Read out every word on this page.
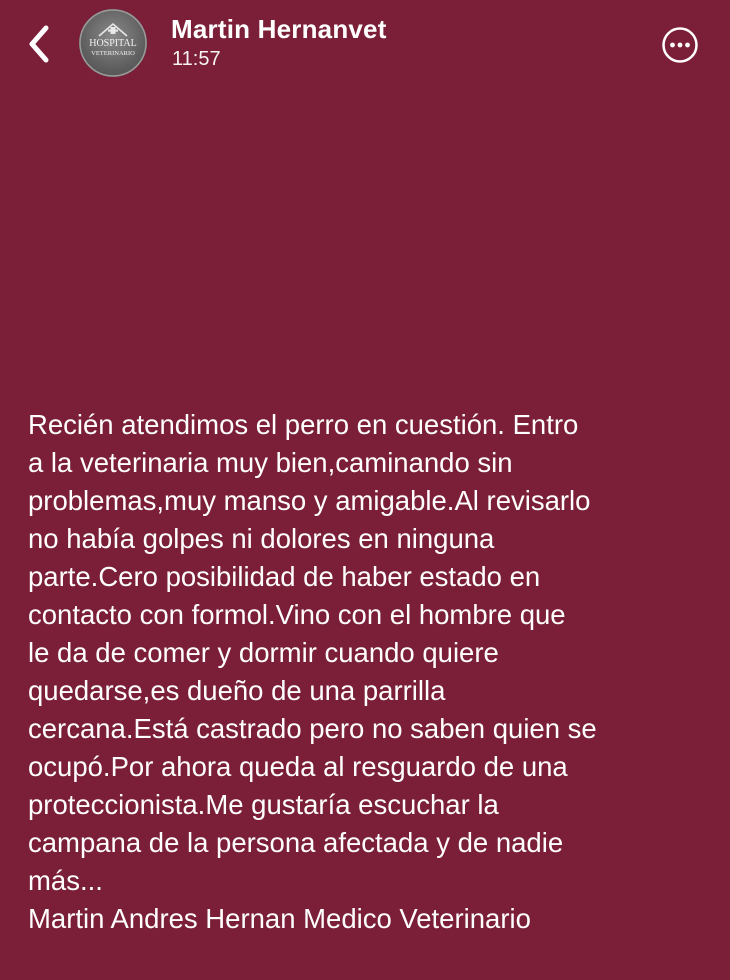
HOSPITAL
VETERINARIO
Martin Hernanvet
11:57
Recién atendimos el perro en cuestión. Entro
a la veterinaria muy bien,caminando sin
problemas,muy manso y amigable.Al revisarlo
no había golpes ni dolores en ninguna
parte.Cero posibilidad de haber estado en
contacto con formol.Vino con el hombre que
le da de comer y dormir cuando quiere
quedarse,es dueño de una parrilla
cercana.Está castrado pero no saben quien se
ocupó.Por ahora queda al resguardo de una
proteccionista.Me gustaría escuchar la
campana de la persona afectada y de nadie
más...
Martin Andres Hernan Medico Veterinario
